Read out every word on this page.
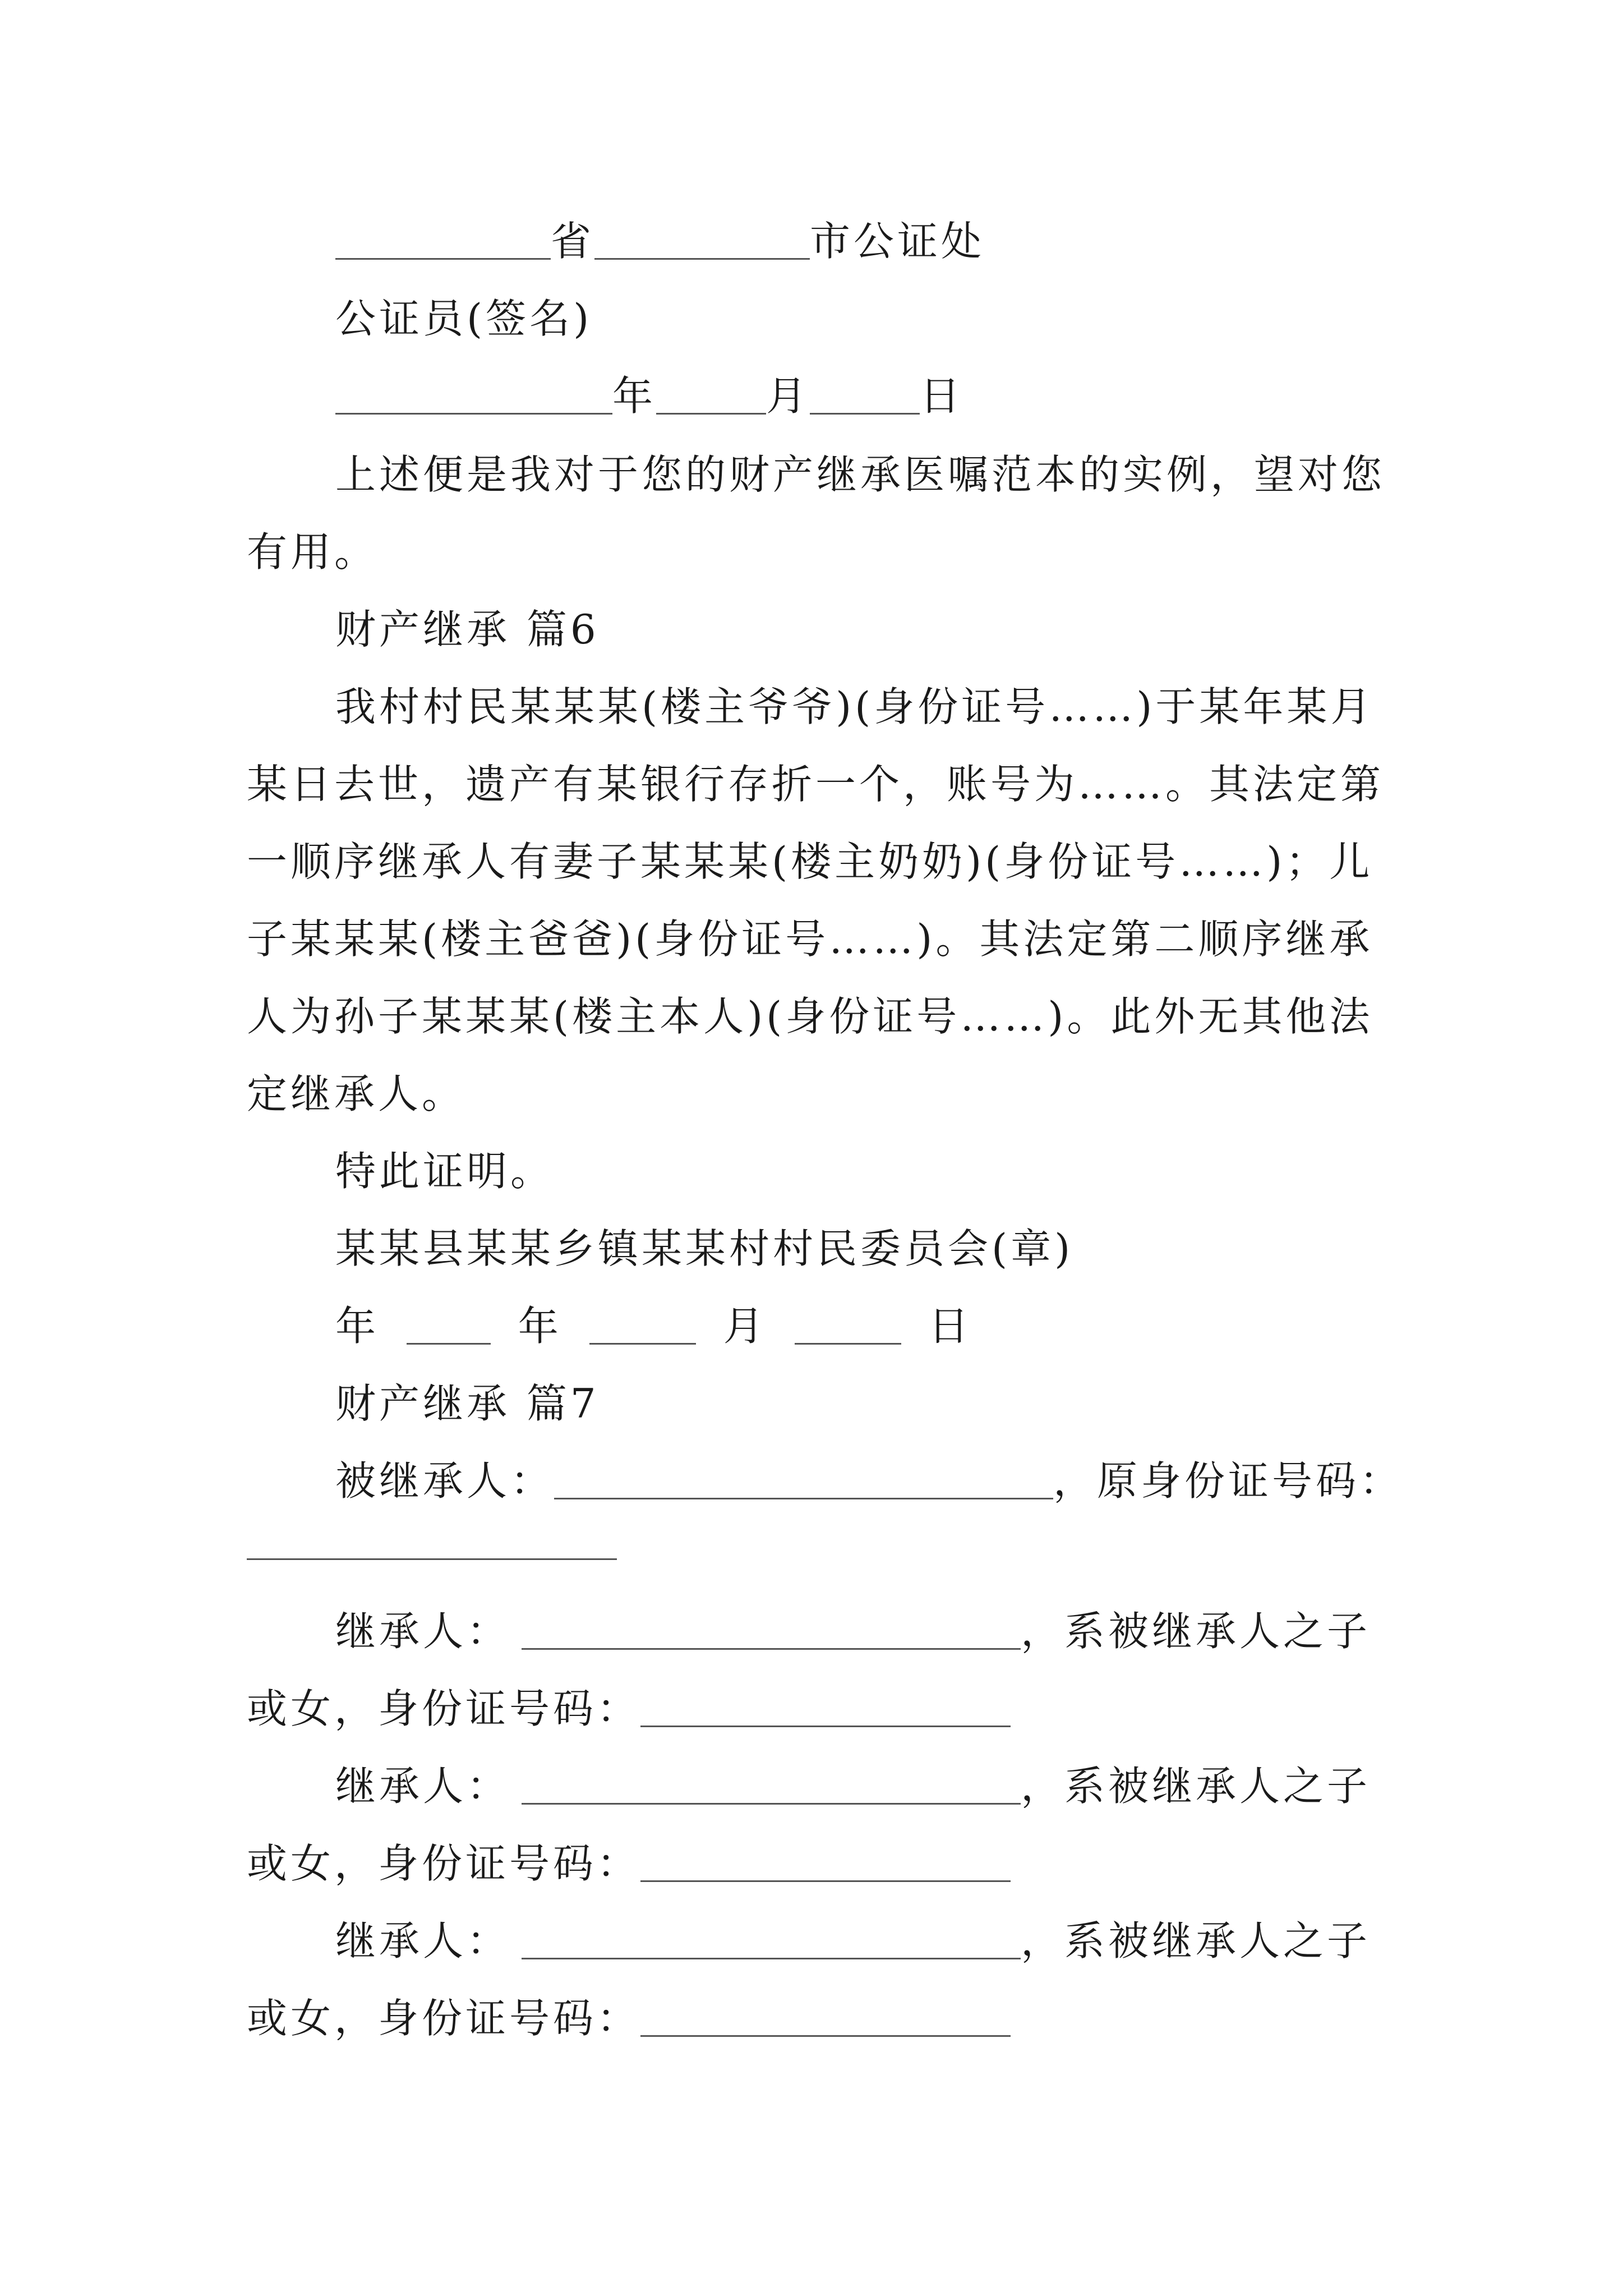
省	市公证处
公证员(签名)
年	月	日
上述便是我对于您的财产继承医嘱范本的实例，望对您
有用。
财产继承 篇6
我村村民某某某(楼主爷爷)(身份证号……)于某年某月
某日去世，遗产有某银行存折一个，账号为……。其法定第
一顺序继承人有妻子某某某(楼主奶奶)(身份证号……)；儿
子某某某(楼主爸爸)(身份证号……)。其法定第二顺序继承
人为孙子某某某(楼主本人)(身份证号……)。此外无其他法
定继承人。
特此证明。
某某县某某乡镇某某村村民委员会(章)
年	年	月	日
财产继承 篇7
被继承人：	，原身份证号码：
继承人：	，系被继承人之子
或女，身份证号码：
继承人：	，系被继承人之子
或女，身份证号码：
继承人：	，系被继承人之子
或女，身份证号码：
